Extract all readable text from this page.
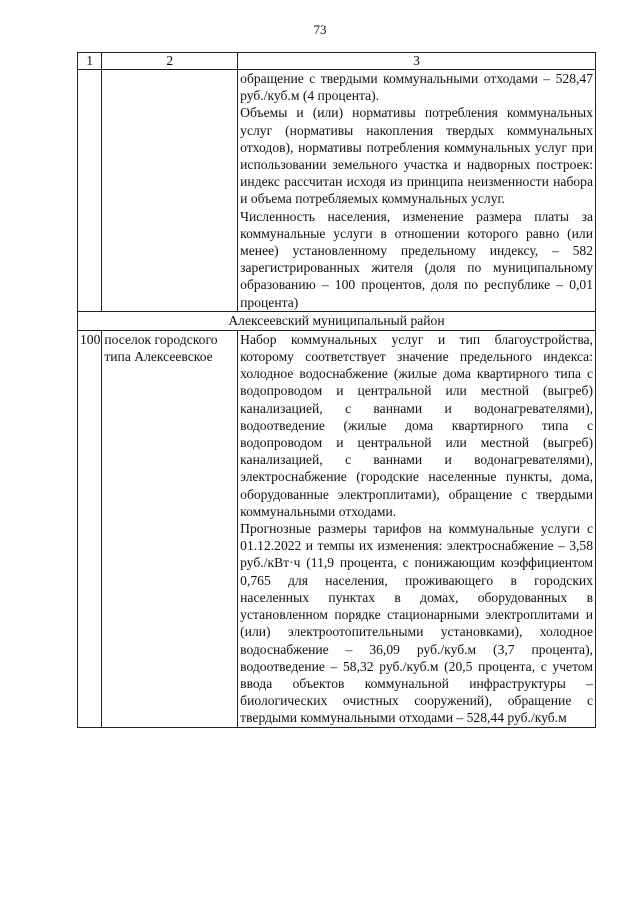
73
1	2	3

		обращение с твердыми коммунальными отходами – 528,47 руб./куб.м (4 процента).

Объемы и (или) нормативы потребления коммунальных услуг (нормативы накопления твердых коммунальных отходов), нормативы потребления коммунальных услуг при использовании земельного участка и надворных построек: индекс рассчитан исходя из принципа неизменности набора и объема потребляемых коммунальных услуг.

Численность населения, изменение размера платы за коммунальные услуги в отношении которого равно (или менее) установленному предельному индексу, – 582 зарегистрированных жителя (доля по муниципальному образованию – 100 процентов, доля по республике – 0,01 процента)

Алексеевский муниципальный район		
100	поселок городского типа Алексеевское	Набор коммунальных услуг и тип благоустройства, которому соответствует значение предельного индекса: холодное водоснабжение (жилые дома квартирного типа с водопроводом и центральной или местной (выгреб) канализацией, с ваннами и водонагревателями), водоотведение (жилые дома квартирного типа с водопроводом и центральной или местной (выгреб) канализацией, с ваннами и водонагревателями), электроснабжение (городские населенные пункты, дома, оборудованные электроплитами), обращение с твердыми коммунальными отходами.

Прогнозные размеры тарифов на коммунальные услуги с 01.12.2022 и темпы их изменения: электроснабжение – 3,58 руб./кВт·ч (11,9 процента, с понижающим коэффициентом 0,765 для населения, проживающего в городских населенных пунктах в домах, оборудованных в установленном порядке стационарными электроплитами и (или) электроотопительными установками), холодное водоснабжение – 36,09 руб./куб.м (3,7 процента), водоотведение – 58,32 руб./куб.м (20,5 процента, с учетом ввода объектов коммунальной инфраструктуры – биологических очистных сооружений), обращение с твердыми коммунальными отходами – 528,44 руб./куб.м
